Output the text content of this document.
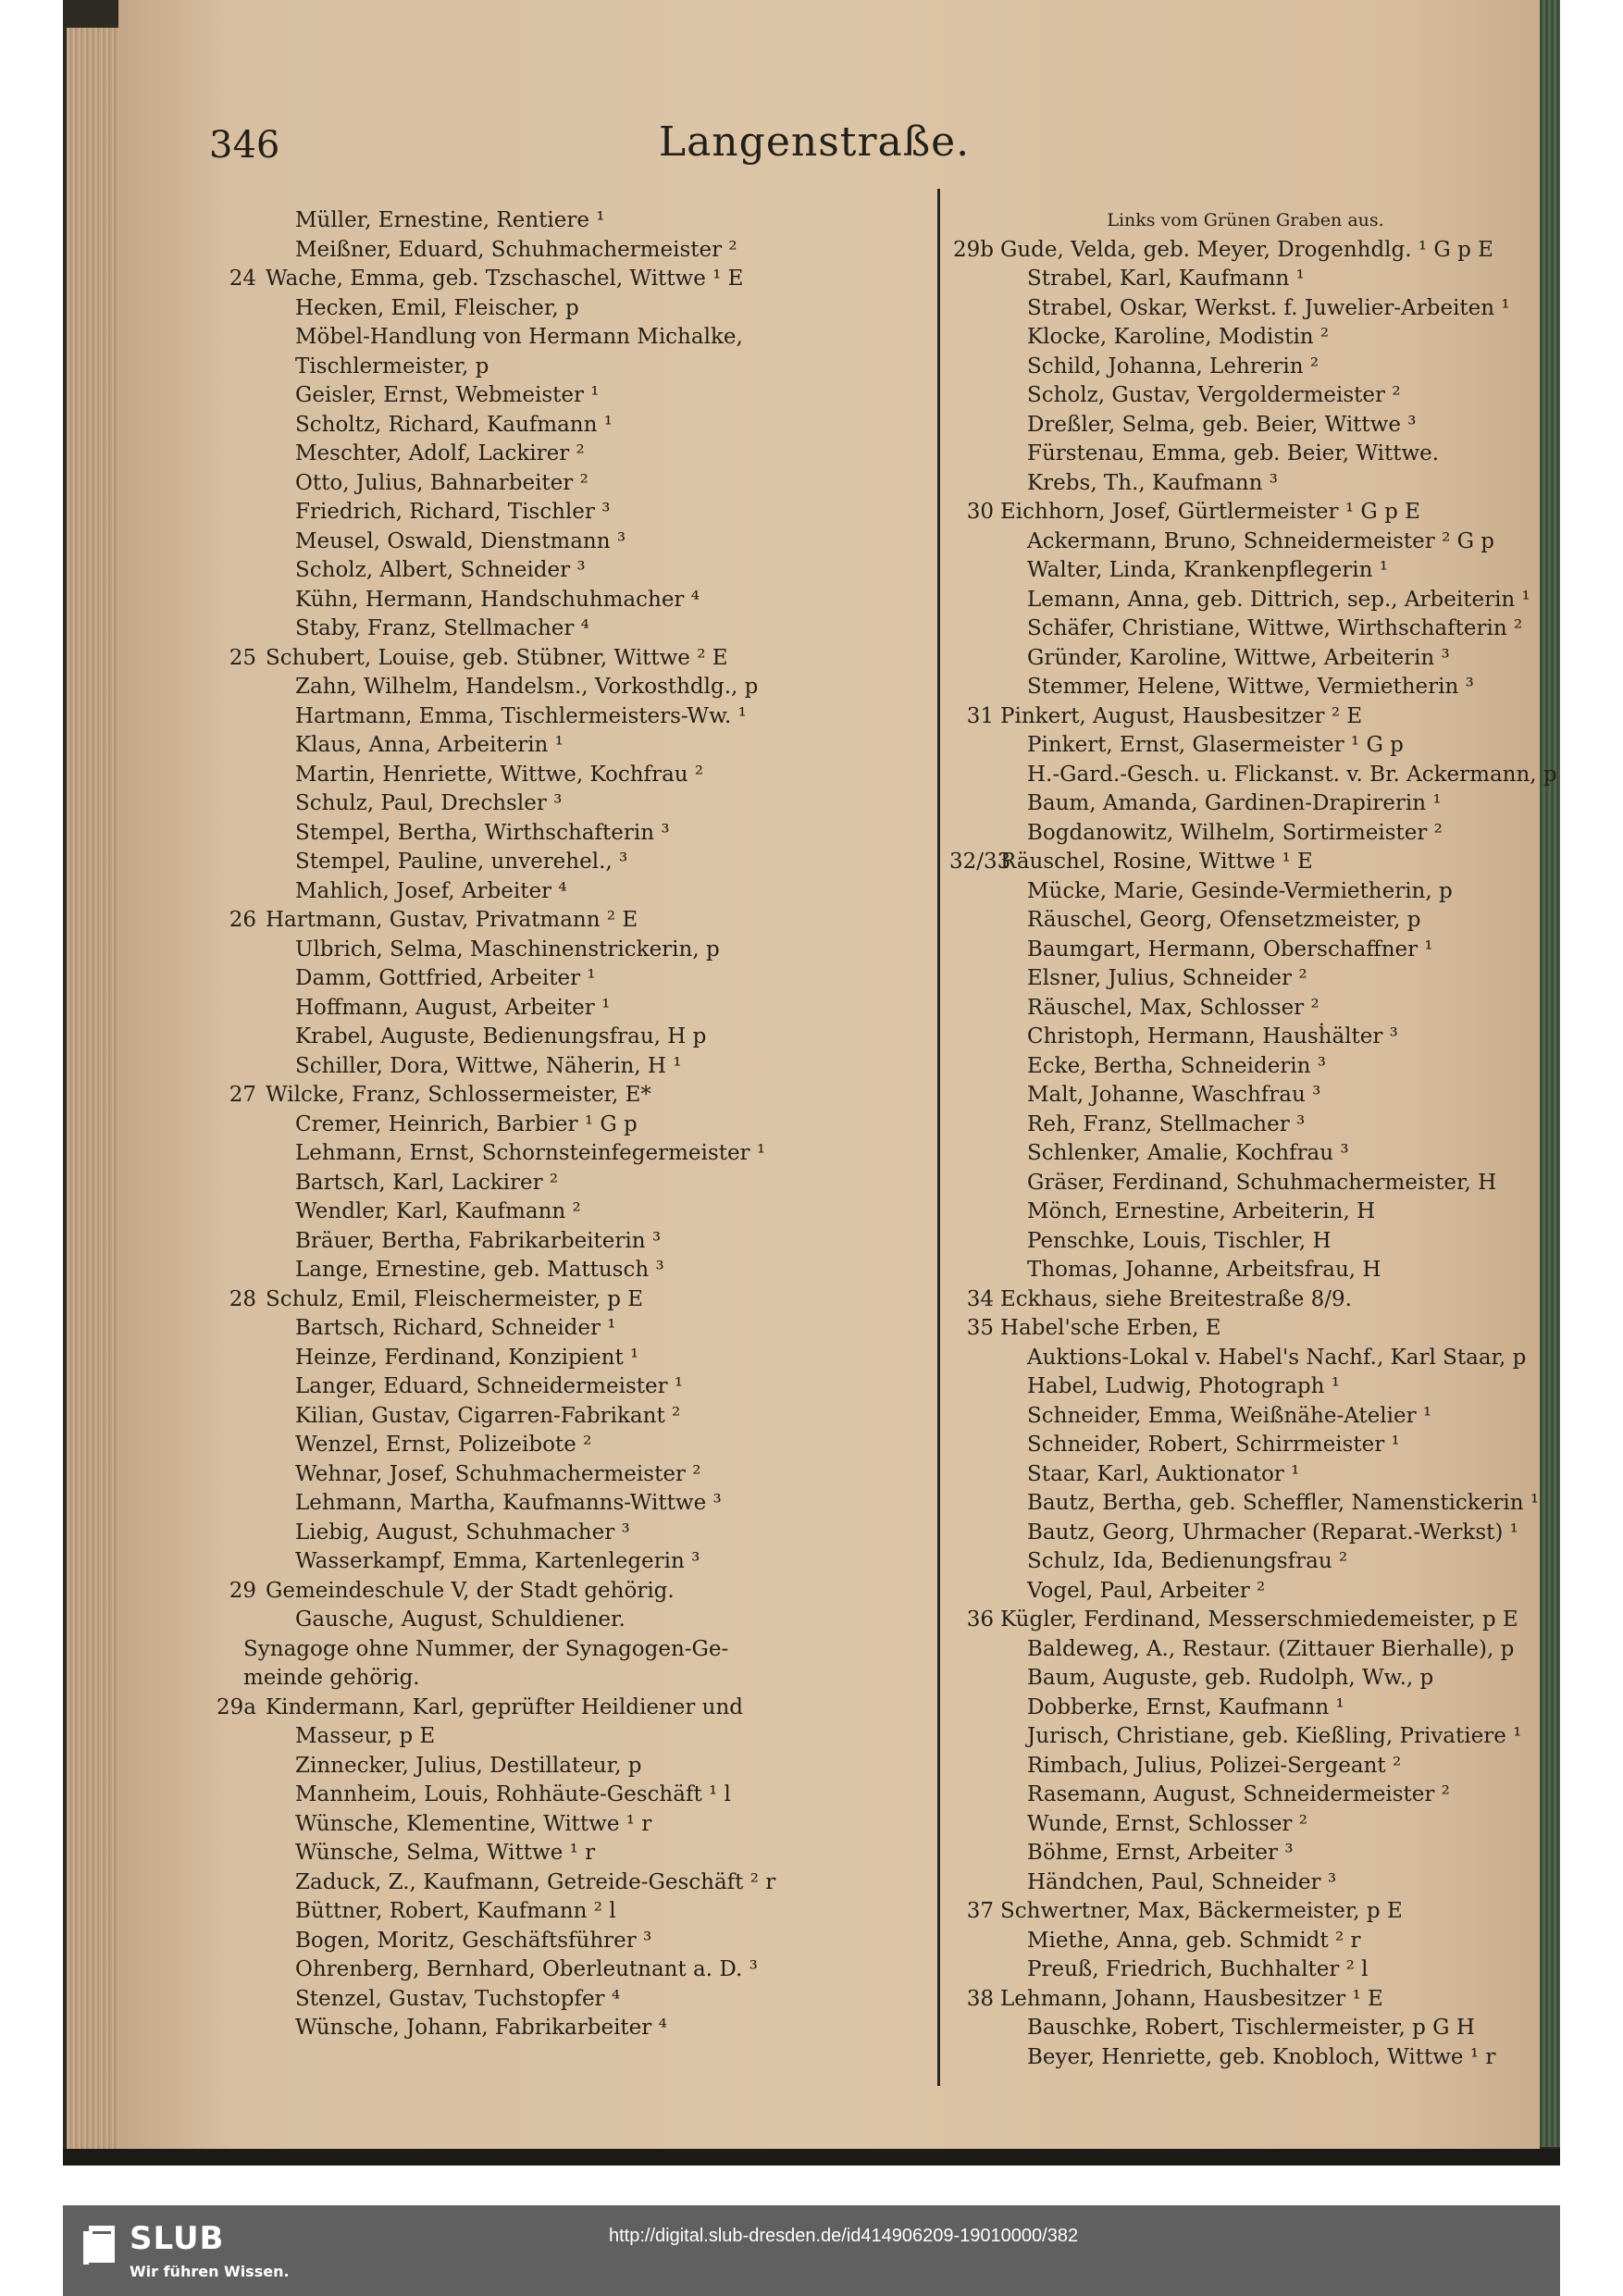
346	Langenstraße.
Müller, Ernestine, Rentiere ¹
Meißner, Eduard, Schuhmachermeister ²
24 Wache, Emma, geb. Tzschaschel, Wittwe ¹ E
Hecken, Emil, Fleischer, p
Möbel-Handlung von Hermann Michalke,
Tischlermeister, p
Geisler, Ernst, Webmeister ¹
Scholtz, Richard, Kaufmann ¹
Meschter, Adolf, Lackirer ²
Otto, Julius, Bahnarbeiter ²
Friedrich, Richard, Tischler ³
Meusel, Oswald, Dienstmann ³
Scholz, Albert, Schneider ³
Kühn, Hermann, Handschuhmacher ⁴
Staby, Franz, Stellmacher ⁴
25 Schubert, Louise, geb. Stübner, Wittwe ² E
Zahn, Wilhelm, Handelsm., Vorkosthdlg., p
Hartmann, Emma, Tischlermeisters-Ww. ¹
Klaus, Anna, Arbeiterin ¹
Martin, Henriette, Wittwe, Kochfrau ²
Schulz, Paul, Drechsler ³
Stempel, Bertha, Wirthschafterin ³
Stempel, Pauline, unverehel., ³
Mahlich, Josef, Arbeiter ⁴
26 Hartmann, Gustav, Privatmann ² E
Ulbrich, Selma, Maschinenstrickerin, p
Damm, Gottfried, Arbeiter ¹
Hoffmann, August, Arbeiter ¹
Krabel, Auguste, Bedienungsfrau, H p
Schiller, Dora, Wittwe, Näherin, H ¹
27 Wilcke, Franz, Schlossermeister, E*
Cremer, Heinrich, Barbier ¹ G p
Lehmann, Ernst, Schornsteinfegermeister ¹
Bartsch, Karl, Lackirer ²
Wendler, Karl, Kaufmann ²
Bräuer, Bertha, Fabrikarbeiterin ³
Lange, Ernestine, geb. Mattusch ³
28 Schulz, Emil, Fleischermeister, p E
Bartsch, Richard, Schneider ¹
Heinze, Ferdinand, Konzipient ¹
Langer, Eduard, Schneidermeister ¹
Kilian, Gustav, Cigarren-Fabrikant ²
Wenzel, Ernst, Polizeibote ²
Wehnar, Josef, Schuhmachermeister ²
Lehmann, Martha, Kaufmanns-Wittwe ³
Liebig, August, Schuhmacher ³
Wasserkampf, Emma, Kartenlegerin ³
29 Gemeindeschule V, der Stadt gehörig.
Gausche, August, Schuldiener.
Synagoge ohne Nummer, der Synagogen-Ge-
meinde gehörig.
29a Kindermann, Karl, geprüfter Heildiener und
Masseur, p E
Zinnecker, Julius, Destillateur, p
Mannheim, Louis, Rohhäute-Geschäft ¹ l
Wünsche, Klementine, Wittwe ¹ r
Wünsche, Selma, Wittwe ¹ r
Zaduck, Z., Kaufmann, Getreide-Geschäft ² r
Büttner, Robert, Kaufmann ² l
Bogen, Moritz, Geschäftsführer ³
Ohrenberg, Bernhard, Oberleutnant a. D. ³
Stenzel, Gustav, Tuchstopfer ⁴
Wünsche, Johann, Fabrikarbeiter ⁴
Links vom Grünen Graben aus.
29b Gude, Velda, geb. Meyer, Drogenhdlg. ¹ G p E
Strabel, Karl, Kaufmann ¹
Strabel, Oskar, Werkst. f. Juwelier-Arbeiten ¹
Klocke, Karoline, Modistin ²
Schild, Johanna, Lehrerin ²
Scholz, Gustav, Vergoldermeister ²
Dreßler, Selma, geb. Beier, Wittwe ³
Fürstenau, Emma, geb. Beier, Wittwe.
Krebs, Th., Kaufmann ³
30 Eichhorn, Josef, Gürtlermeister ¹ G p E
Ackermann, Bruno, Schneidermeister ² G p
Walter, Linda, Krankenpflegerin ¹
Lemann, Anna, geb. Dittrich, sep., Arbeiterin ¹
Schäfer, Christiane, Wittwe, Wirthschafterin ²
Gründer, Karoline, Wittwe, Arbeiterin ³
Stemmer, Helene, Wittwe, Vermietherin ³
31 Pinkert, August, Hausbesitzer ² E
Pinkert, Ernst, Glasermeister ¹ G p
H.-Gard.-Gesch. u. Flickanst. v. Br. Ackermann, p
Baum, Amanda, Gardinen-Drapirerin ¹
Bogdanowitz, Wilhelm, Sortirmeister ²
32/33
Räuschel, Rosine, Wittwe ¹ E
Mücke, Marie, Gesinde-Vermietherin, p
Räuschel, Georg, Ofensetzmeister, p
Baumgart, Hermann, Oberschaffner ¹
Elsner, Julius, Schneider ²
Räuschel, Max, Schlosser ²
Christoph, Hermann, Hausḣälter ³
Ecke, Bertha, Schneiderin ³
Malt, Johanne, Waschfrau ³
Reh, Franz, Stellmacher ³
Schlenker, Amalie, Kochfrau ³
Gräser, Ferdinand, Schuhmachermeister, H
Mönch, Ernestine, Arbeiterin, H
Penschke, Louis, Tischler, H
Thomas, Johanne, Arbeitsfrau, H
34 Eckhaus, siehe Breitestraße 8/9.
35 Habel'sche Erben, E
Auktions-Lokal v. Habel's Nachf., Karl Staar, p
Habel, Ludwig, Photograph ¹
Schneider, Emma, Weißnähe-Atelier ¹
Schneider, Robert, Schirrmeister ¹
Staar, Karl, Auktionator ¹
Bautz, Bertha, geb. Scheffler, Namenstickerin ¹
Bautz, Georg, Uhrmacher (Reparat.-Werkst) ¹
Schulz, Ida, Bedienungsfrau ²
Vogel, Paul, Arbeiter ²
36 Kügler, Ferdinand, Messerschmiedemeister, p E
Baldeweg, A., Restaur. (Zittauer Bierhalle), p
Baum, Auguste, geb. Rudolph, Ww., p
Dobberke, Ernst, Kaufmann ¹
Jurisch, Christiane, geb. Kießling, Privatiere ¹
Rimbach, Julius, Polizei-Sergeant ²
Rasemann, August, Schneidermeister ²
Wunde, Ernst, Schlosser ²
Böhme, Ernst, Arbeiter ³
Händchen, Paul, Schneider ³
37 Schwertner, Max, Bäckermeister, p E
Miethe, Anna, geb. Schmidt ² r
Preuß, Friedrich, Buchhalter ² l
38 Lehmann, Johann, Hausbesitzer ¹ E
Bauschke, Robert, Tischlermeister, p G H
Beyer, Henriette, geb. Knobloch, Wittwe ¹ r
SLUB
Wir führen Wissen.
http://digital.slub-dresden.de/id414906209-19010000/382
